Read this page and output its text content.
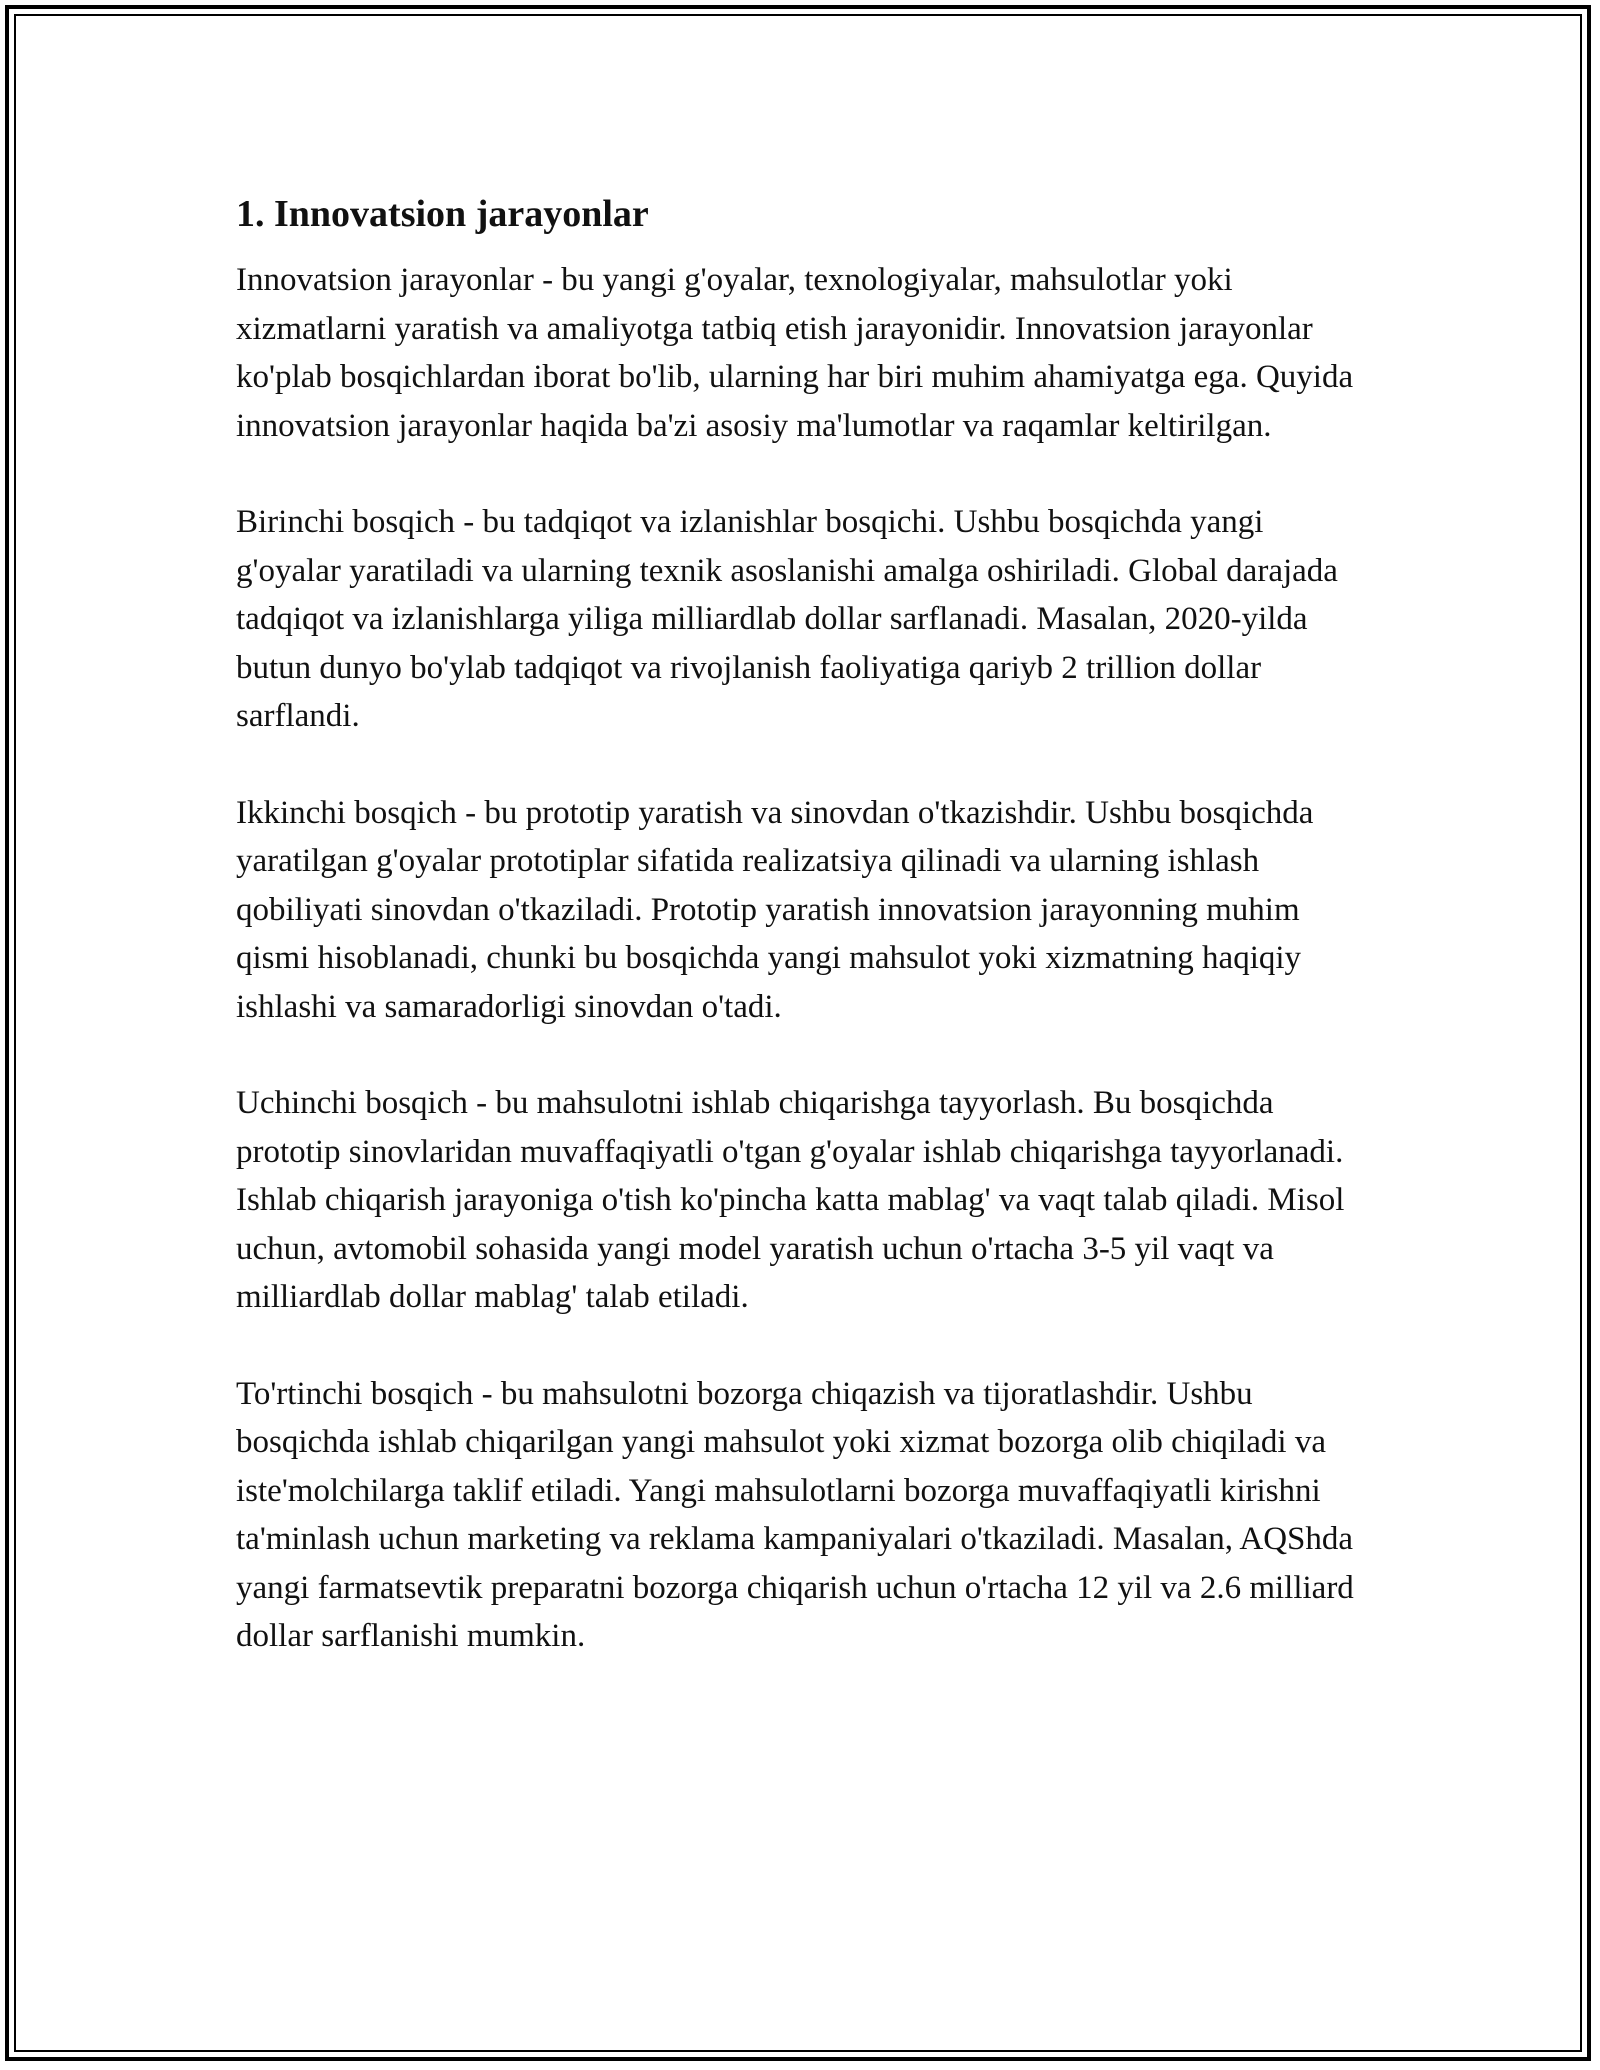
1. Innovatsion jarayonlar

Innovatsion jarayonlar - bu yangi g'oyalar, texnologiyalar, mahsulotlar yoki xizmatlarni yaratish va amaliyotga tatbiq etish jarayonidir. Innovatsion jarayonlar ko'plab bosqichlardan iborat bo'lib, ularning har biri muhim ahamiyatga ega. Quyida innovatsion jarayonlar haqida ba'zi asosiy ma'lumotlar va raqamlar keltirilgan.

Birinchi bosqich - bu tadqiqot va izlanishlar bosqichi. Ushbu bosqichda yangi g'oyalar yaratiladi va ularning texnik asoslanishi amalga oshiriladi. Global darajada tadqiqot va izlanishlarga yiliga milliardlab dollar sarflanadi. Masalan, 2020-yilda butun dunyo bo'ylab tadqiqot va rivojlanish faoliyatiga qariyb 2 trillion dollar sarflandi.

Ikkinchi bosqich - bu prototip yaratish va sinovdan o'tkazishdir. Ushbu bosqichda yaratilgan g'oyalar prototiplar sifatida realizatsiya qilinadi va ularning ishlash qobiliyati sinovdan o'tkaziladi. Prototip yaratish innovatsion jarayonning muhim qismi hisoblanadi, chunki bu bosqichda yangi mahsulot yoki xizmatning haqiqiy ishlashi va samaradorligi sinovdan o'tadi.

Uchinchi bosqich - bu mahsulotni ishlab chiqarishga tayyorlash. Bu bosqichda prototip sinovlaridan muvaffaqiyatli o'tgan g'oyalar ishlab chiqarishga tayyorlanadi. Ishlab chiqarish jarayoniga o'tish ko'pincha katta mablag' va vaqt talab qiladi. Misol uchun, avtomobil sohasida yangi model yaratish uchun o'rtacha 3-5 yil vaqt va milliardlab dollar mablag' talab etiladi.

To'rtinchi bosqich - bu mahsulotni bozorga chiqazish va tijoratlashdir. Ushbu bosqichda ishlab chiqarilgan yangi mahsulot yoki xizmat bozorga olib chiqiladi va iste'molchilarga taklif etiladi. Yangi mahsulotlarni bozorga muvaffaqiyatli kirishni ta'minlash uchun marketing va reklama kampaniyalari o'tkaziladi. Masalan, AQShda yangi farmatsevtik preparatni bozorga chiqarish uchun o'rtacha 12 yil va 2.6 milliard dollar sarflanishi mumkin.
